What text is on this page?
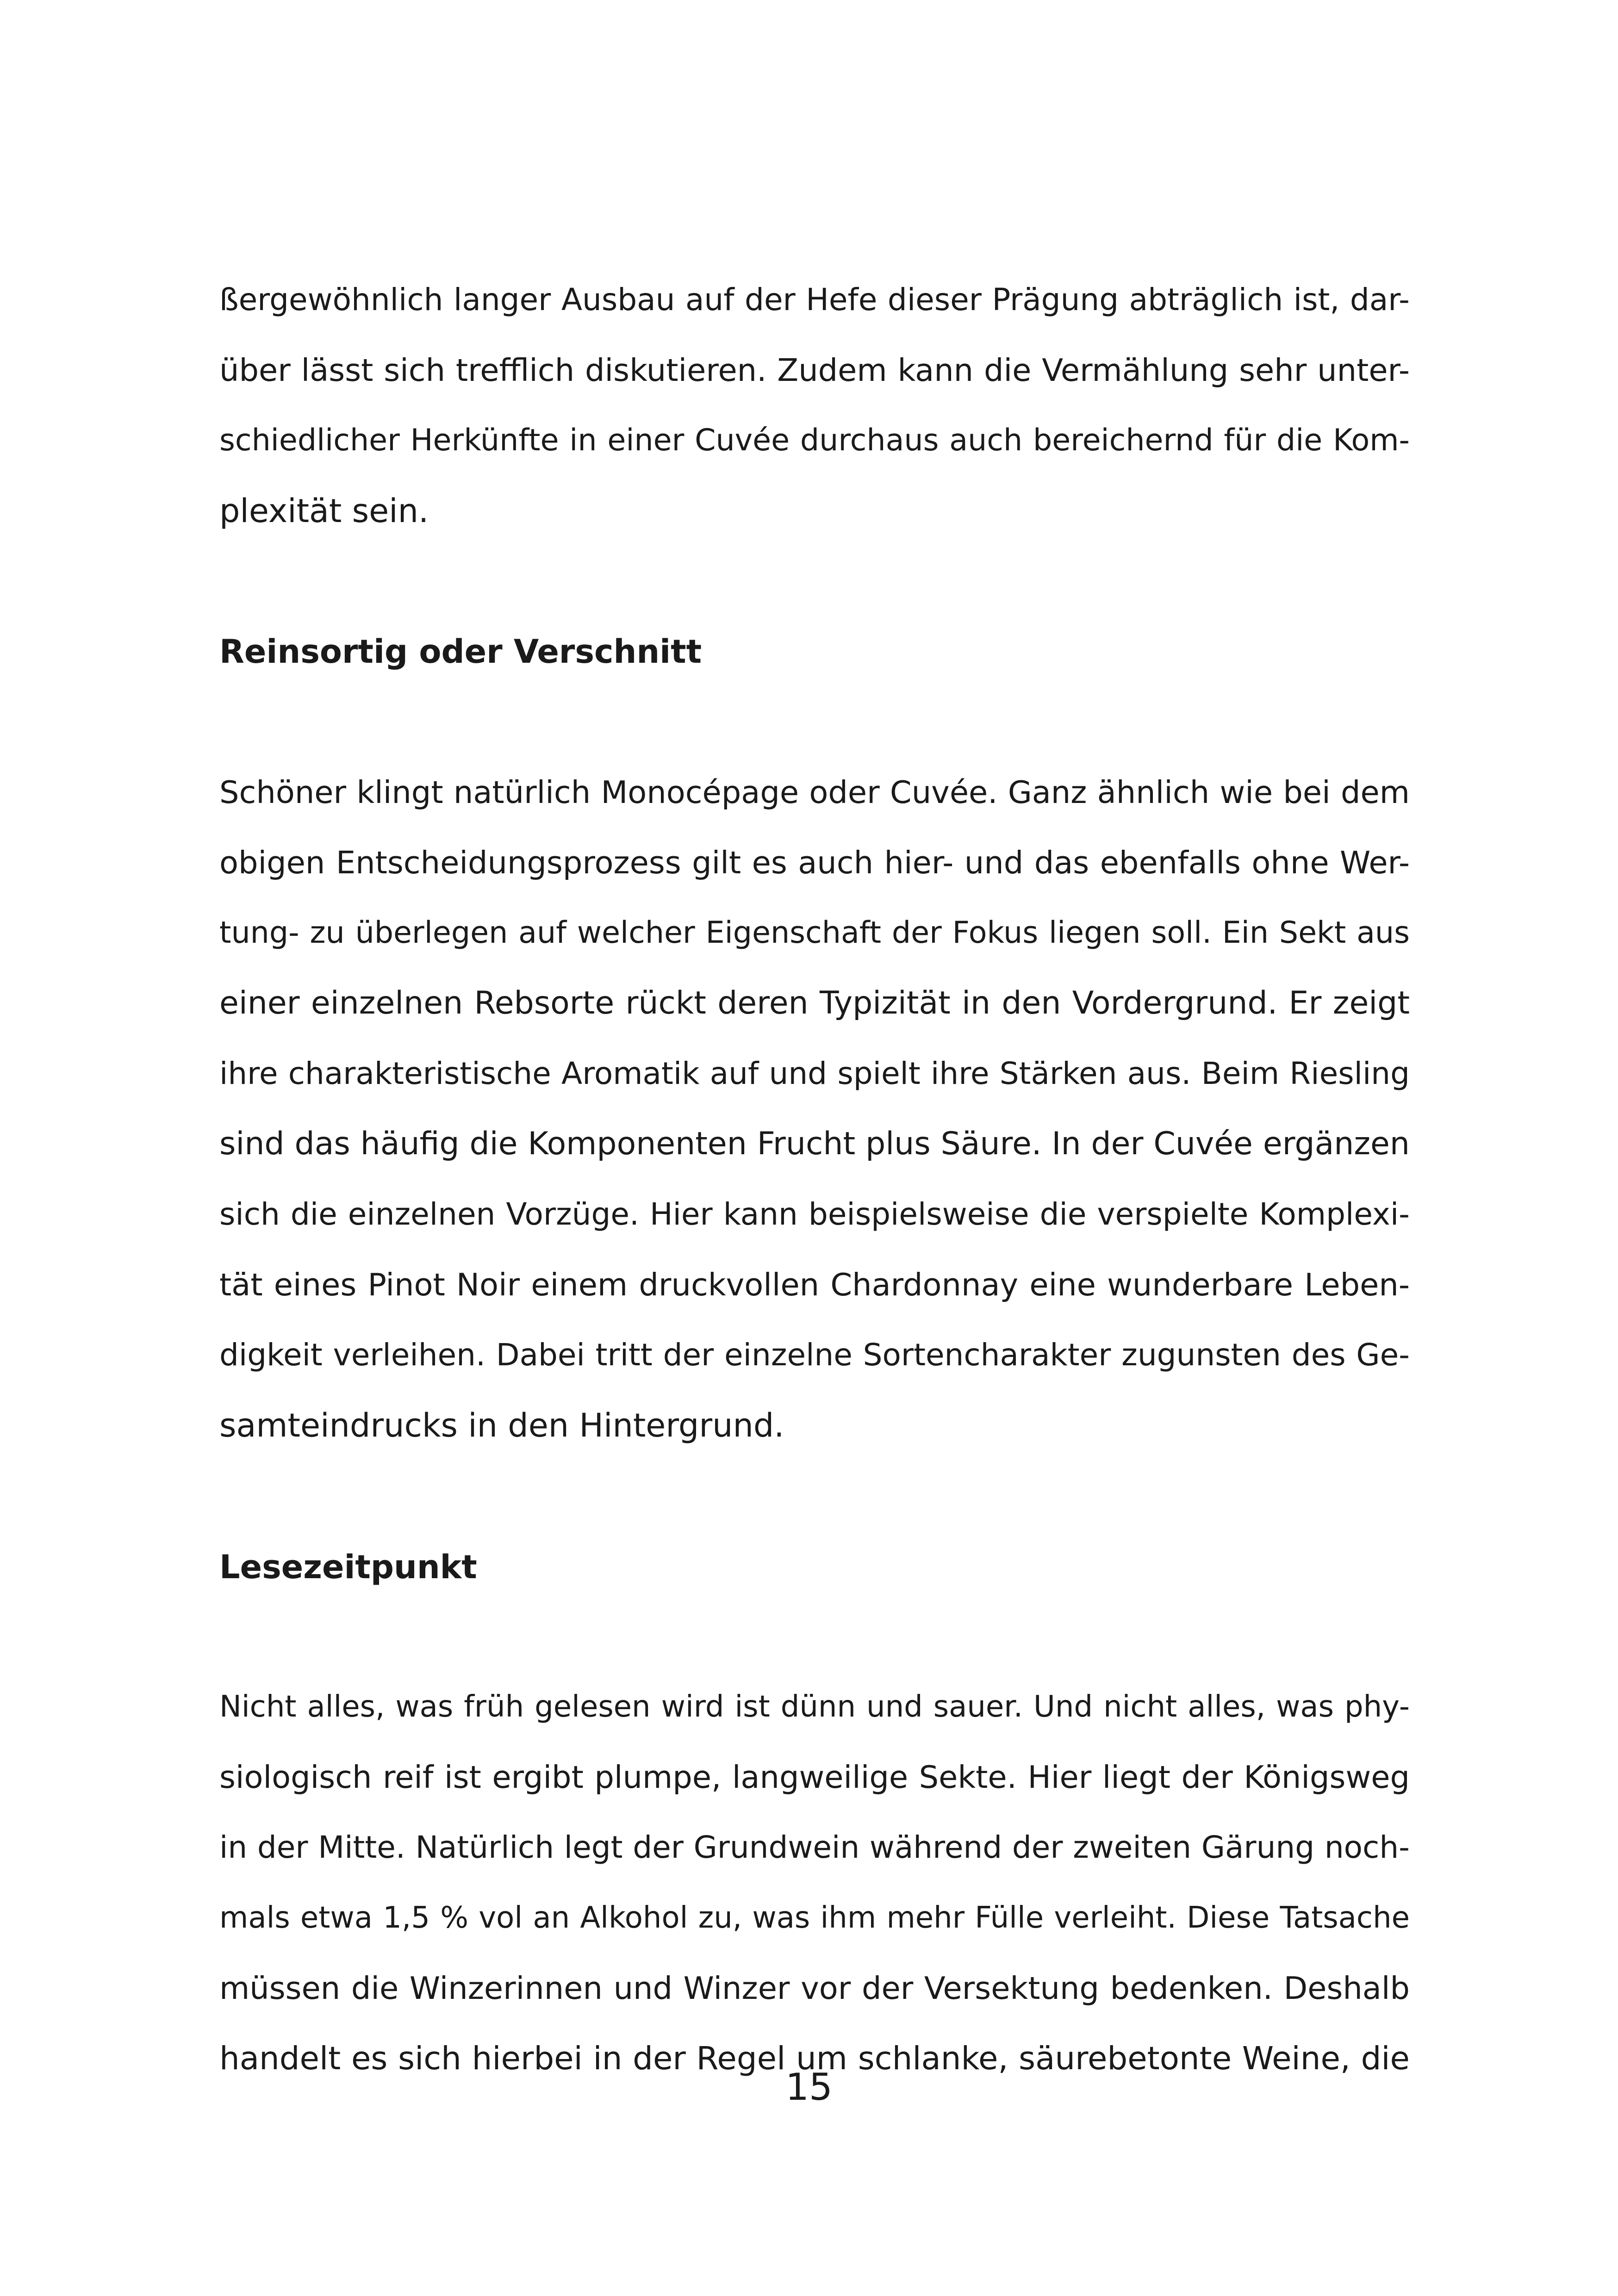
ßergewöhnlich langer Ausbau auf der Hefe dieser Prägung abträglich ist, dar-
über lässt sich trefflich diskutieren. Zudem kann die Vermählung sehr unter-
schiedlicher Herkünfte in einer Cuvée durchaus auch bereichernd für die Kom-
plexität sein.
Reinsortig oder Verschnitt
Schöner klingt natürlich Monocépage oder Cuvée. Ganz ähnlich wie bei dem
obigen Entscheidungsprozess gilt es auch hier- und das ebenfalls ohne Wer-
tung- zu überlegen auf welcher Eigenschaft der Fokus liegen soll. Ein Sekt aus
einer einzelnen Rebsorte rückt deren Typizität in den Vordergrund. Er zeigt
ihre charakteristische Aromatik auf und spielt ihre Stärken aus. Beim Riesling
sind das häufig die Komponenten Frucht plus Säure. In der Cuvée ergänzen
sich die einzelnen Vorzüge. Hier kann beispielsweise die verspielte Komplexi-
tät eines Pinot Noir einem druckvollen Chardonnay eine wunderbare Leben-
digkeit verleihen. Dabei tritt der einzelne Sortencharakter zugunsten des Ge-
samteindrucks in den Hintergrund.
Lesezeitpunkt
Nicht alles, was früh gelesen wird ist dünn und sauer. Und nicht alles, was phy-
siologisch reif ist ergibt plumpe, langweilige Sekte. Hier liegt der Königsweg
in der Mitte. Natürlich legt der Grundwein während der zweiten Gärung noch-
mals etwa 1,5 % vol an Alkohol zu, was ihm mehr Fülle verleiht. Diese Tatsache
müssen die Winzerinnen und Winzer vor der Versektung bedenken. Deshalb
handelt es sich hierbei in der Regel um schlanke, säurebetonte Weine, die
15
